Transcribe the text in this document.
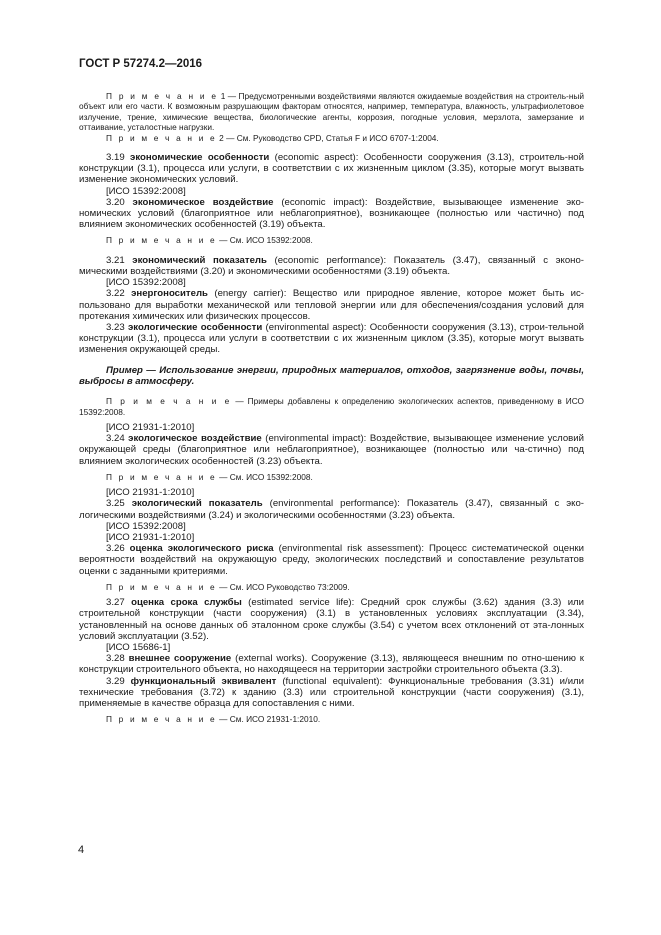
ГОСТ Р 57274.2—2016

П р и м е ч а н и е 1 — Предусмотренными воздействиями являются ожидаемые воздействия на строитель-ный объект или его части. К возможным разрушающим факторам относятся, например, температура, влажность, ультрафиолетовое излучение, трение, химические вещества, биологические агенты, коррозия, погодные условия, мерзлота, замерзание и оттаивание, усталостные нагрузки.

П р и м е ч а н и е 2 — См. Руководство CPD, Статья F и ИСО 6707-1:2004.

3.19 экономические особенности (economic aspect): Особенности сооружения (3.13), строитель-ной конструкции (3.1), процесса или услуги, в соответствии с их жизненным циклом (3.35), которые могут вызвать изменение экономических условий.

[ИСО 15392:2008]

3.20 экономическое воздействие (economic impact): Воздействие, вызывающее изменение эко-номических условий (благоприятное или неблагоприятное), возникающее (полностью или частично) под влиянием экономических особенностей (3.19) объекта.

П р и м е ч а н и е — См. ИСО 15392:2008.

3.21 экономический показатель (economic performance): Показатель (3.47), связанный с эконо-мическими воздействиями (3.20) и экономическими особенностями (3.19) объекта.

[ИСО 15392:2008]

3.22 энергоноситель (energy carrier): Вещество или природное явление, которое может быть ис-пользовано для выработки механической или тепловой энергии или для обеспечения/создания условий для протекания химических или физических процессов.

3.23 экологические особенности (environmental aspect): Особенности сооружения (3.13), строи-тельной конструкции (3.1), процесса или услуги в соответствии с их жизненным циклом (3.35), которые могут вызвать изменения окружающей среды.

Пример — Использование энергии, природных материалов, отходов, загрязнение воды, почвы, выбросы в атмосферу.

П р и м е ч а н и е — Примеры добавлены к определению экологических аспектов, приведенному в ИСО 15392:2008.

[ИСО 21931-1:2010]

3.24 экологическое воздействие (environmental impact): Воздействие, вызывающее изменение условий окружающей среды (благоприятное или неблагоприятное), возникающее (полностью или ча-стично) под влиянием экологических особенностей (3.23) объекта.

П р и м е ч а н и е — См. ИСО 15392:2008.

[ИСО 21931-1:2010]

3.25 экологический показатель (environmental performance): Показатель (3.47), связанный с эко-логическими воздействиями (3.24) и экологическими особенностями (3.23) объекта.

[ИСО 15392:2008]

[ИСО 21931-1:2010]

3.26 оценка экологического риска (environmental risk assessment): Процесс систематической оценки вероятности воздействий на окружающую среду, экологических последствий и сопоставление результатов оценки с заданными критериями.

П р и м е ч а н и е — См. ИСО Руководство 73:2009.

3.27 оценка срока службы (estimated service life): Средний срок службы (3.62) здания (3.3) или строительной конструкции (части сооружения) (3.1) в установленных условиях эксплуатации (3.34), установленный на основе данных об эталонном сроке службы (3.54) с учетом всех отклонений от эта-лонных условий эксплуатации (3.52).

[ИСО 15686-1]

3.28 внешнее сооружение (external works). Сооружение (3.13), являющееся внешним по отно-шению к конструкции строительного объекта, но находящееся на территории застройки строительного объекта (3.3).

3.29 функциональный эквивалент (functional equivalent): Функциональные требования (3.31) и/или технические требования (3.72) к зданию (3.3) или строительной конструкции (части сооружения) (3.1), применяемые в качестве образца для сопоставления с ними.

П р и м е ч а н и е — См. ИСО 21931-1:2010.

4
